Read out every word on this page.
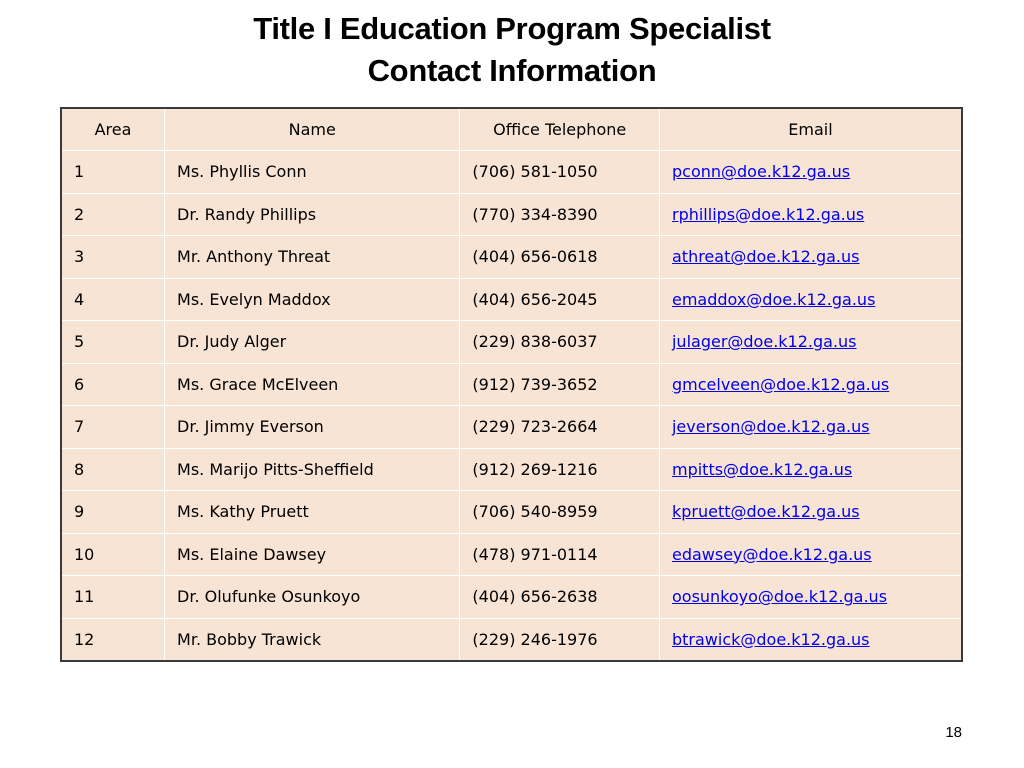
Title I Education Program Specialist
Contact Information
Area	Name	Office Telephone	Email
1	Ms. Phyllis Conn	(706) 581-1050	pconn@doe.k12.ga.us
2	Dr. Randy Phillips	(770) 334-8390	rphillips@doe.k12.ga.us
3	Mr. Anthony Threat	(404) 656-0618	athreat@doe.k12.ga.us
4	Ms. Evelyn Maddox	(404) 656-2045	emaddox@doe.k12.ga.us
5	Dr. Judy Alger	(229) 838-6037	julager@doe.k12.ga.us
6	Ms. Grace McElveen	(912) 739-3652	gmcelveen@doe.k12.ga.us
7	Dr. Jimmy Everson	(229) 723-2664	jeverson@doe.k12.ga.us
8	Ms. Marijo Pitts-Sheffield	(912) 269-1216	mpitts@doe.k12.ga.us
9	Ms. Kathy Pruett	(706) 540-8959	kpruett@doe.k12.ga.us
10	Ms. Elaine Dawsey	(478) 971-0114	edawsey@doe.k12.ga.us
11	Dr. Olufunke Osunkoyo	(404) 656-2638	oosunkoyo@doe.k12.ga.us
12	Mr. Bobby Trawick	(229) 246-1976	btrawick@doe.k12.ga.us
18
